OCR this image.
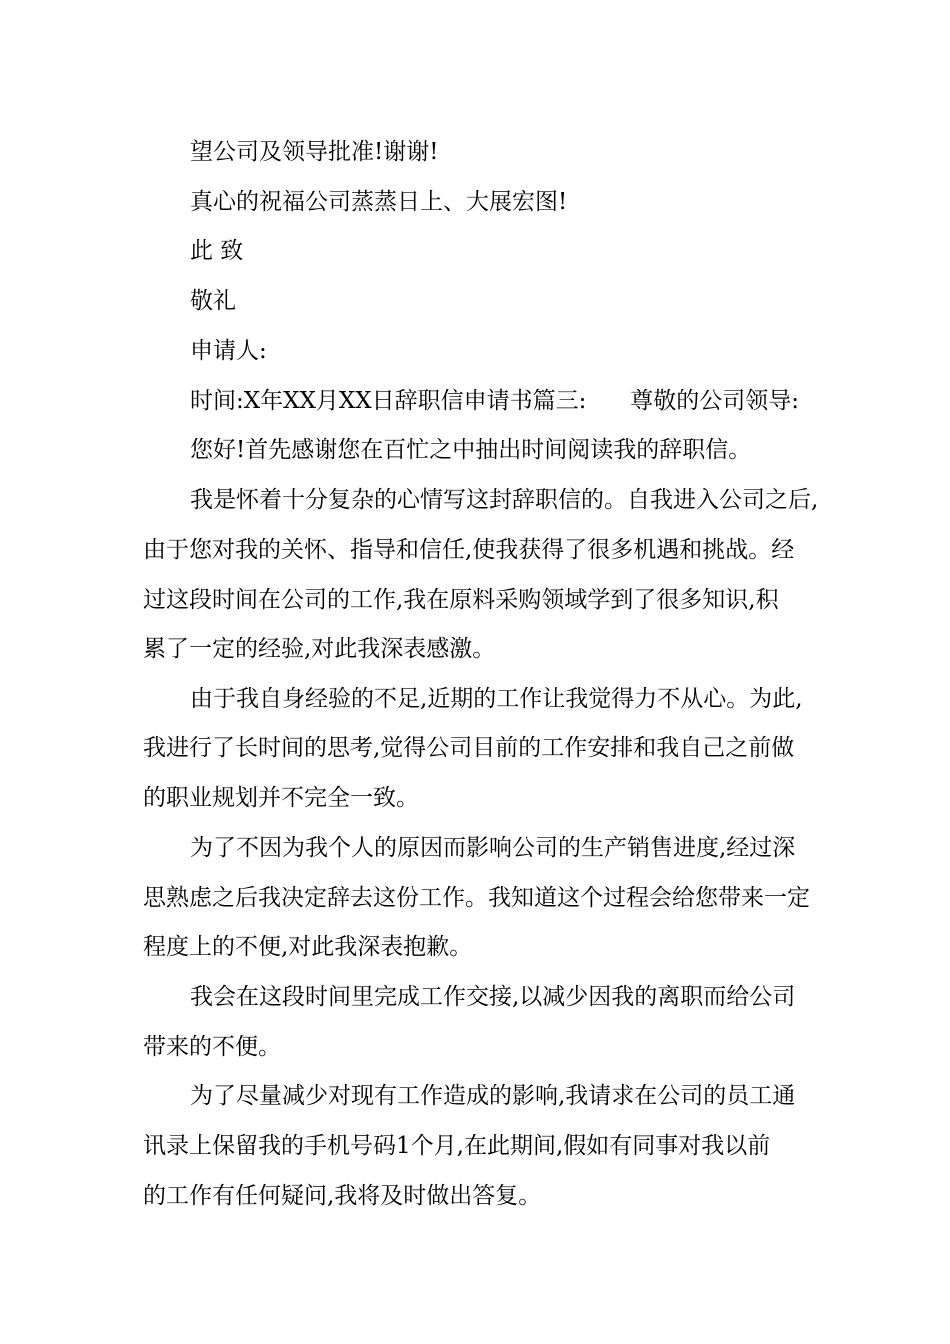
望公司及领导批准!谢谢!
真心的祝福公司蒸蒸日上、大展宏图!
此 致
敬礼
申请人:
时间:X年XX月XX日辞职信申请书篇三:      尊敬的公司领导:
您好!首先感谢您在百忙之中抽出时间阅读我的辞职信。
我是怀着十分复杂的心情写这封辞职信的。自我进入公司之后,
由于您对我的关怀、指导和信任,使我获得了很多机遇和挑战。经
过这段时间在公司的工作,我在原料采购领域学到了很多知识,积
累了一定的经验,对此我深表感激。
由于我自身经验的不足,近期的工作让我觉得力不从心。为此,
我进行了长时间的思考,觉得公司目前的工作安排和我自己之前做
的职业规划并不完全一致。
为了不因为我个人的原因而影响公司的生产销售进度,经过深
思熟虑之后我决定辞去这份工作。我知道这个过程会给您带来一定
程度上的不便,对此我深表抱歉。
我会在这段时间里完成工作交接,以减少因我的离职而给公司
带来的不便。
为了尽量减少对现有工作造成的影响,我请求在公司的员工通
讯录上保留我的手机号码1个月,在此期间,假如有同事对我以前
的工作有任何疑问,我将及时做出答复。
